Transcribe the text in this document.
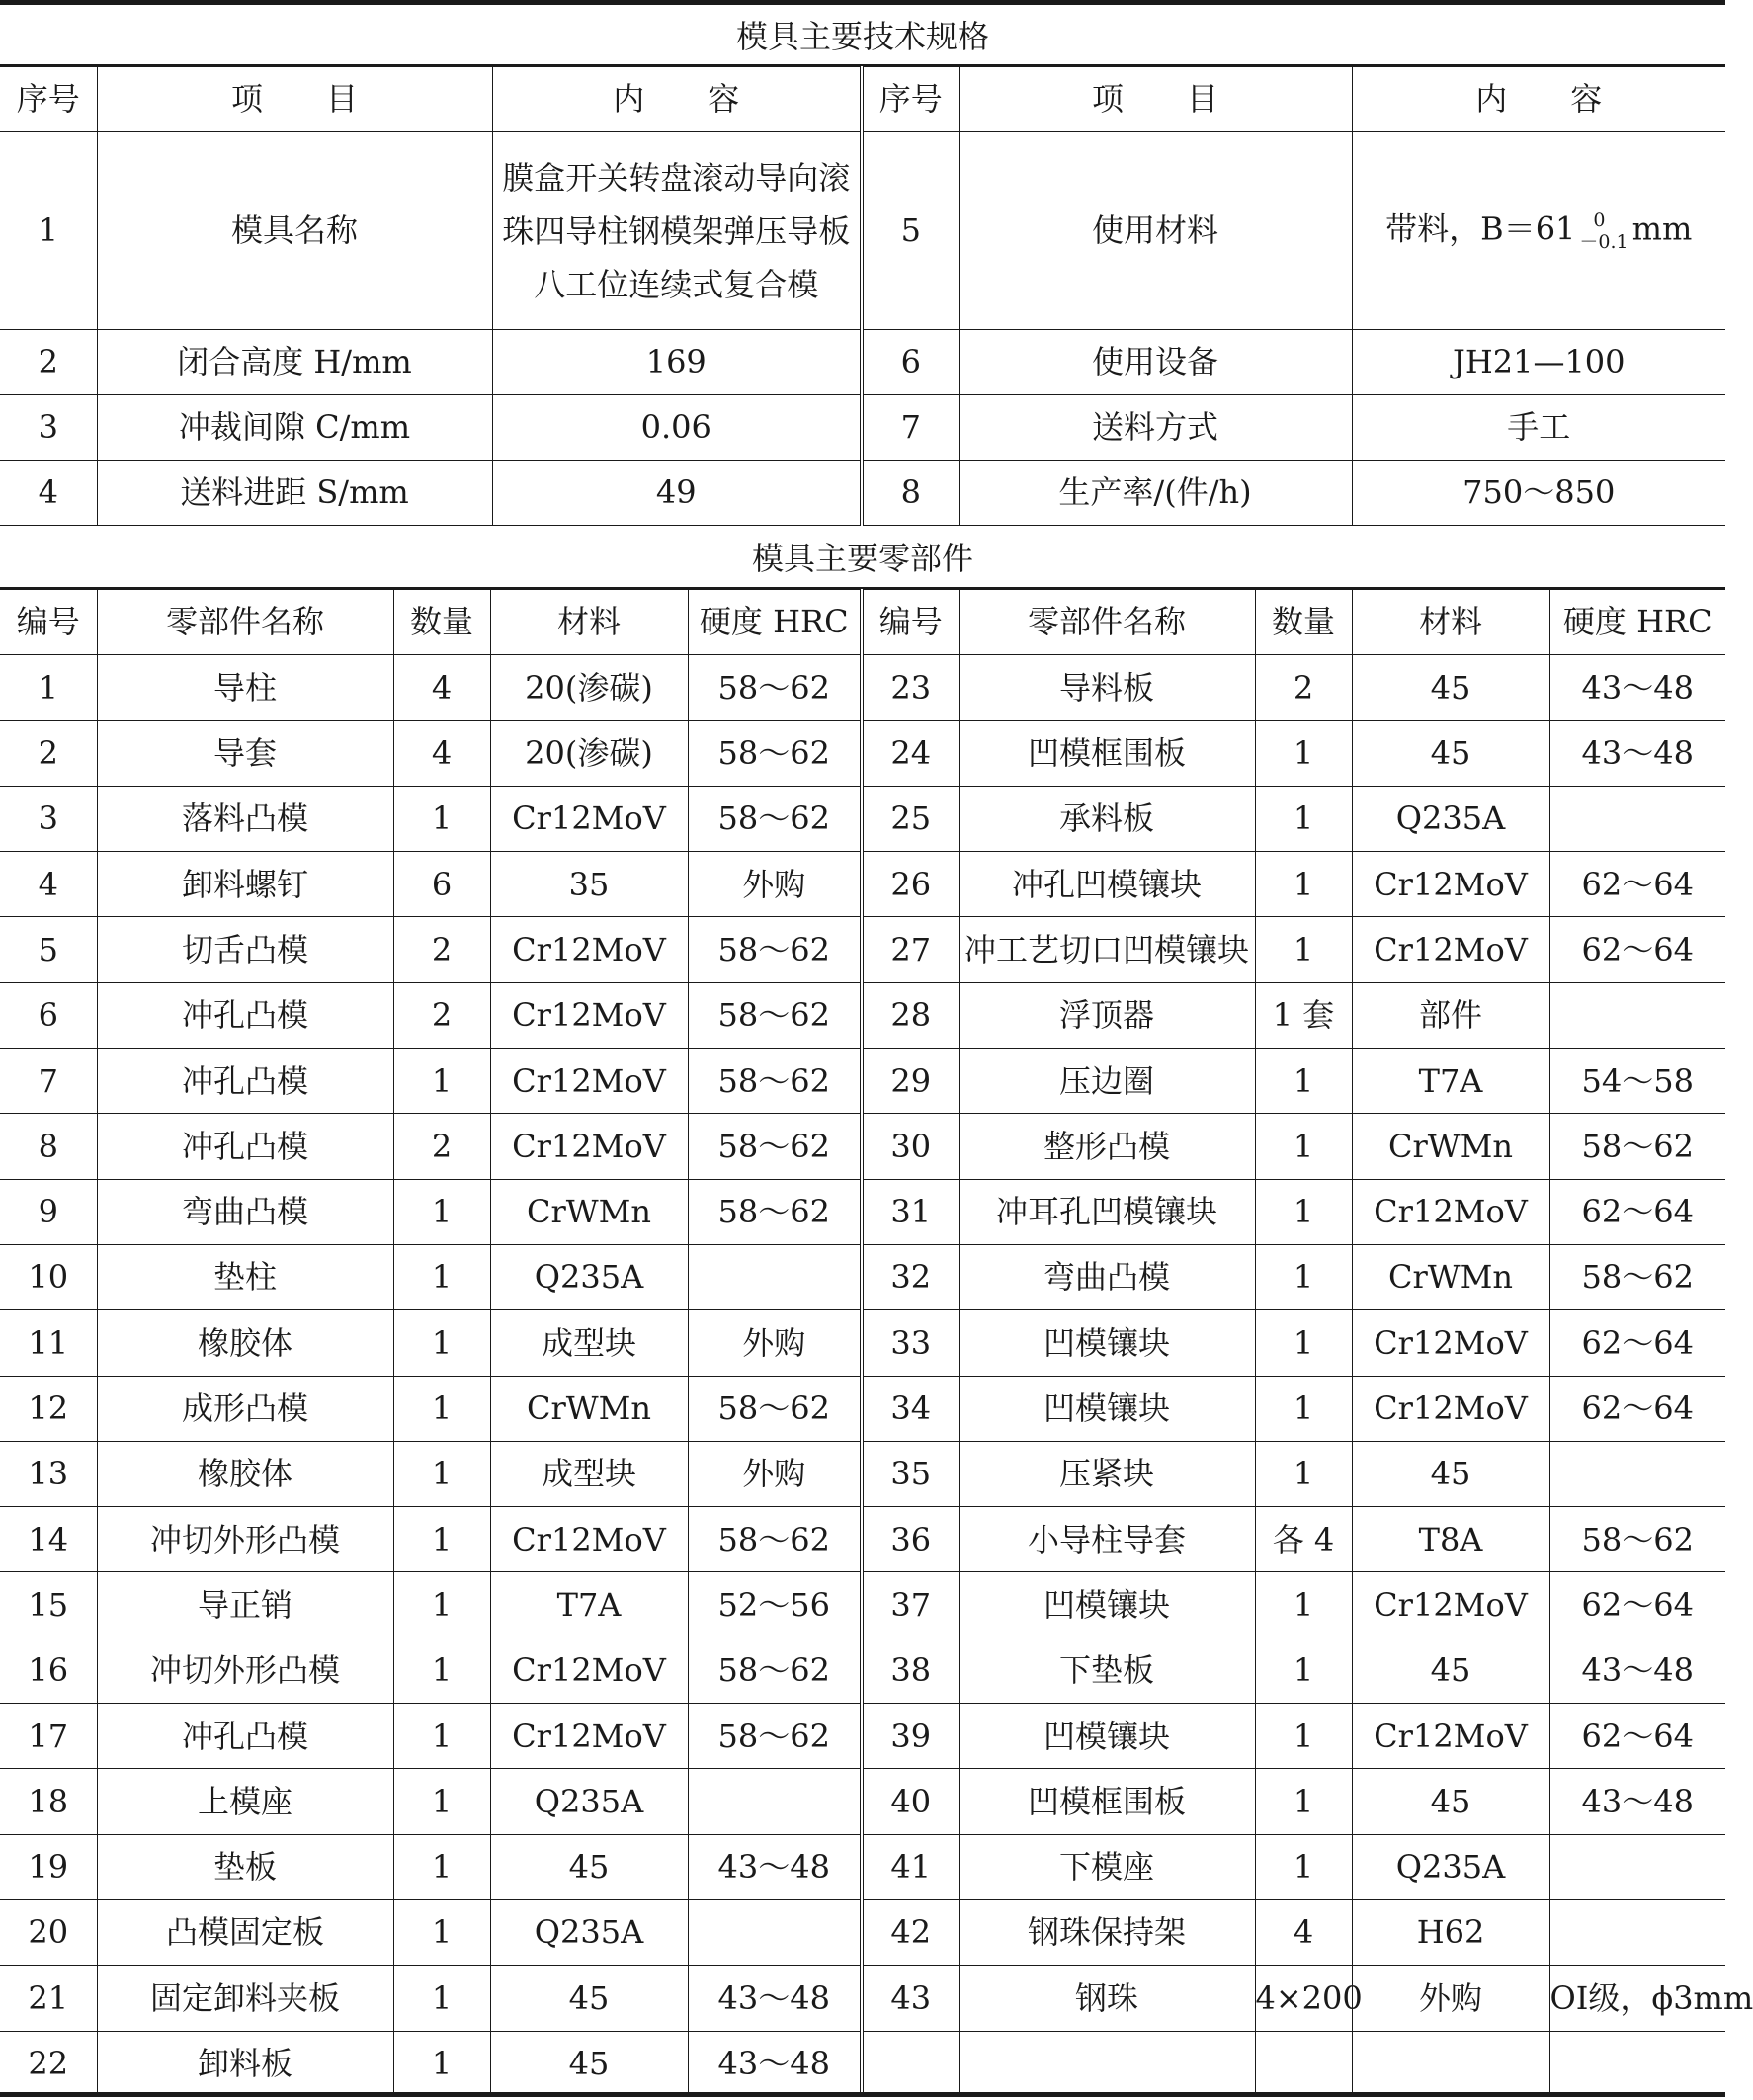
模具主要技术规格
序号	项　　目	内　　容	序号	项　　目	内　　容
1	模具名称	膜盒开关转盘滚动导向滚珠四导柱钢模架弹压导板八工位连续式复合模	5	使用材料	带料，B＝61 0
－0.1 mm
2	闭合高度 H/mm	169	6	使用设备	JH21—100
3	冲裁间隙 C/mm	0.06	7	送料方式	手工
4	送料进距 S/mm	49	8	生产率/(件/h)	750～850
模具主要零部件
编号	零部件名称	数量	材料	硬度 HRC	编号	零部件名称	数量	材料	硬度 HRC
1	导柱	4	20(渗碳)	58～62	23	导料板	2	45	43～48
2	导套	4	20(渗碳)	58～62	24	凹模框围板	1	45	43～48
3	落料凸模	1	Cr12MoV	58～62	25	承料板	1	Q235A	
4	卸料螺钉	6	35	外购	26	冲孔凹模镶块	1	Cr12MoV	62～64
5	切舌凸模	2	Cr12MoV	58～62	27	冲工艺切口凹模镶块	1	Cr12MoV	62～64
6	冲孔凸模	2	Cr12MoV	58～62	28	浮顶器	1 套	部件	
7	冲孔凸模	1	Cr12MoV	58～62	29	压边圈	1	T7A	54～58
8	冲孔凸模	2	Cr12MoV	58～62	30	整形凸模	1	CrWMn	58～62
9	弯曲凸模	1	CrWMn	58～62	31	冲耳孔凹模镶块	1	Cr12MoV	62～64
10	垫柱	1	Q235A		32	弯曲凸模	1	CrWMn	58～62
11	橡胶体	1	成型块	外购	33	凹模镶块	1	Cr12MoV	62～64
12	成形凸模	1	CrWMn	58～62	34	凹模镶块	1	Cr12MoV	62～64
13	橡胶体	1	成型块	外购	35	压紧块	1	45	
14	冲切外形凸模	1	Cr12MoV	58～62	36	小导柱导套	各 4	T8A	58～62
15	导正销	1	T7A	52～56	37	凹模镶块	1	Cr12MoV	62～64
16	冲切外形凸模	1	Cr12MoV	58～62	38	下垫板	1	45	43～48
17	冲孔凸模	1	Cr12MoV	58～62	39	凹模镶块	1	Cr12MoV	62～64
18	上模座	1	Q235A		40	凹模框围板	1	45	43～48
19	垫板	1	45	43～48	41	下模座	1	Q235A	
20	凸模固定板	1	Q235A		42	钢珠保持架	4	H62	
21	固定卸料夹板	1	45	43～48	43	钢珠	4×200	外购	OI级，ϕ3mm
22	卸料板	1	45	43～48					
